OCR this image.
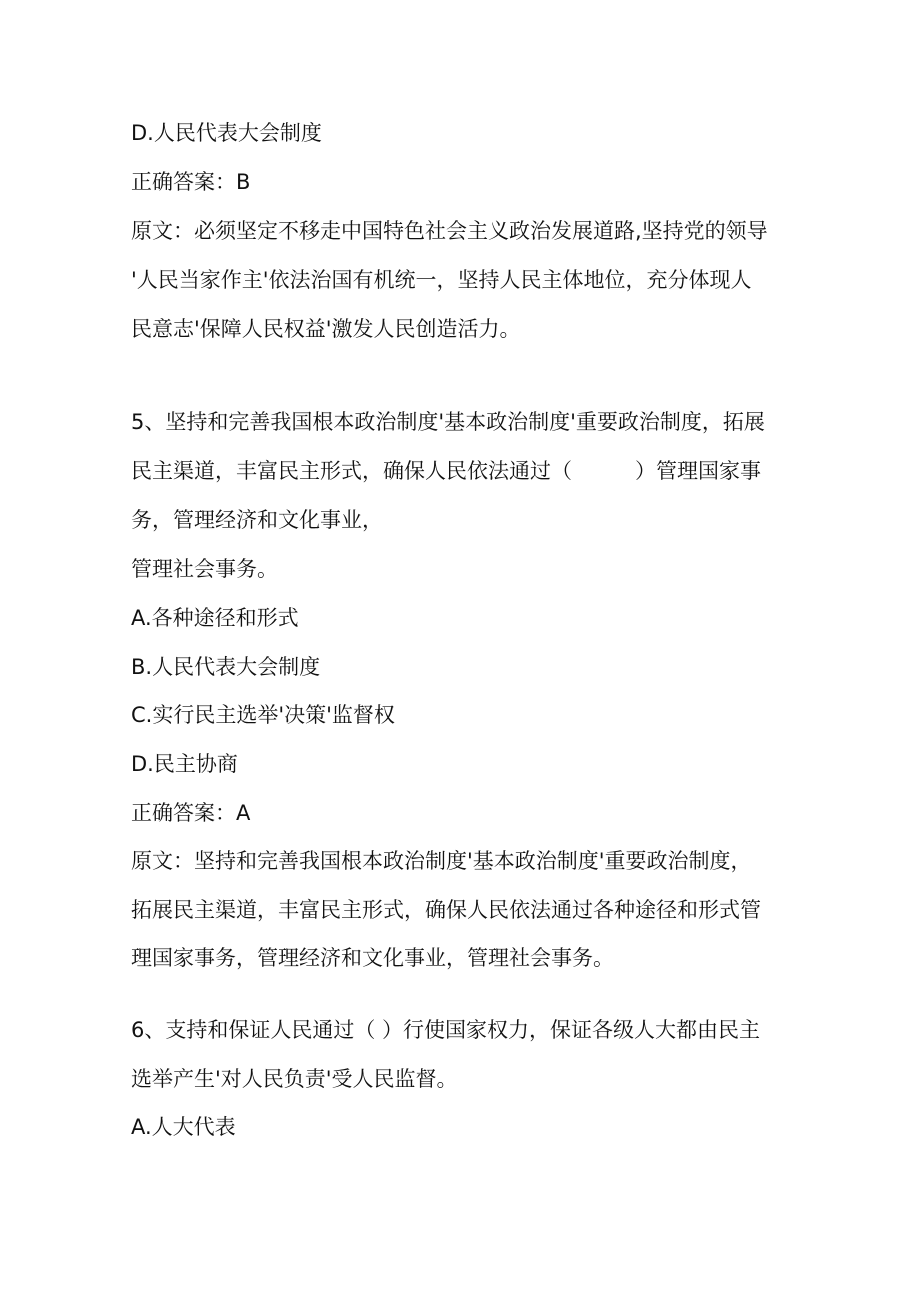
D.人民代表大会制度
正确答案：B
原文：必须坚定不移走中国特色社会主义政治发展道路,坚持党的领导
'人民当家作主'依法治国有机统一，坚持人民主体地位，充分体现人
民意志'保障人民权益'激发人民创造活力。
5、坚持和完善我国根本政治制度'基本政治制度'重要政治制度，拓展
民主渠道，丰富民主形式，确保人民依法通过（　　　）管理国家事
务，管理经济和文化事业，
管理社会事务。
A.各种途径和形式
B.人民代表大会制度
C.实行民主选举'决策'监督权
D.民主协商
正确答案：A
原文：坚持和完善我国根本政治制度'基本政治制度'重要政治制度，
拓展民主渠道，丰富民主形式，确保人民依法通过各种途径和形式管
理国家事务，管理经济和文化事业，管理社会事务。
6、支持和保证人民通过（ ）行使国家权力，保证各级人大都由民主
选举产生'对人民负责'受人民监督。
A.人大代表
